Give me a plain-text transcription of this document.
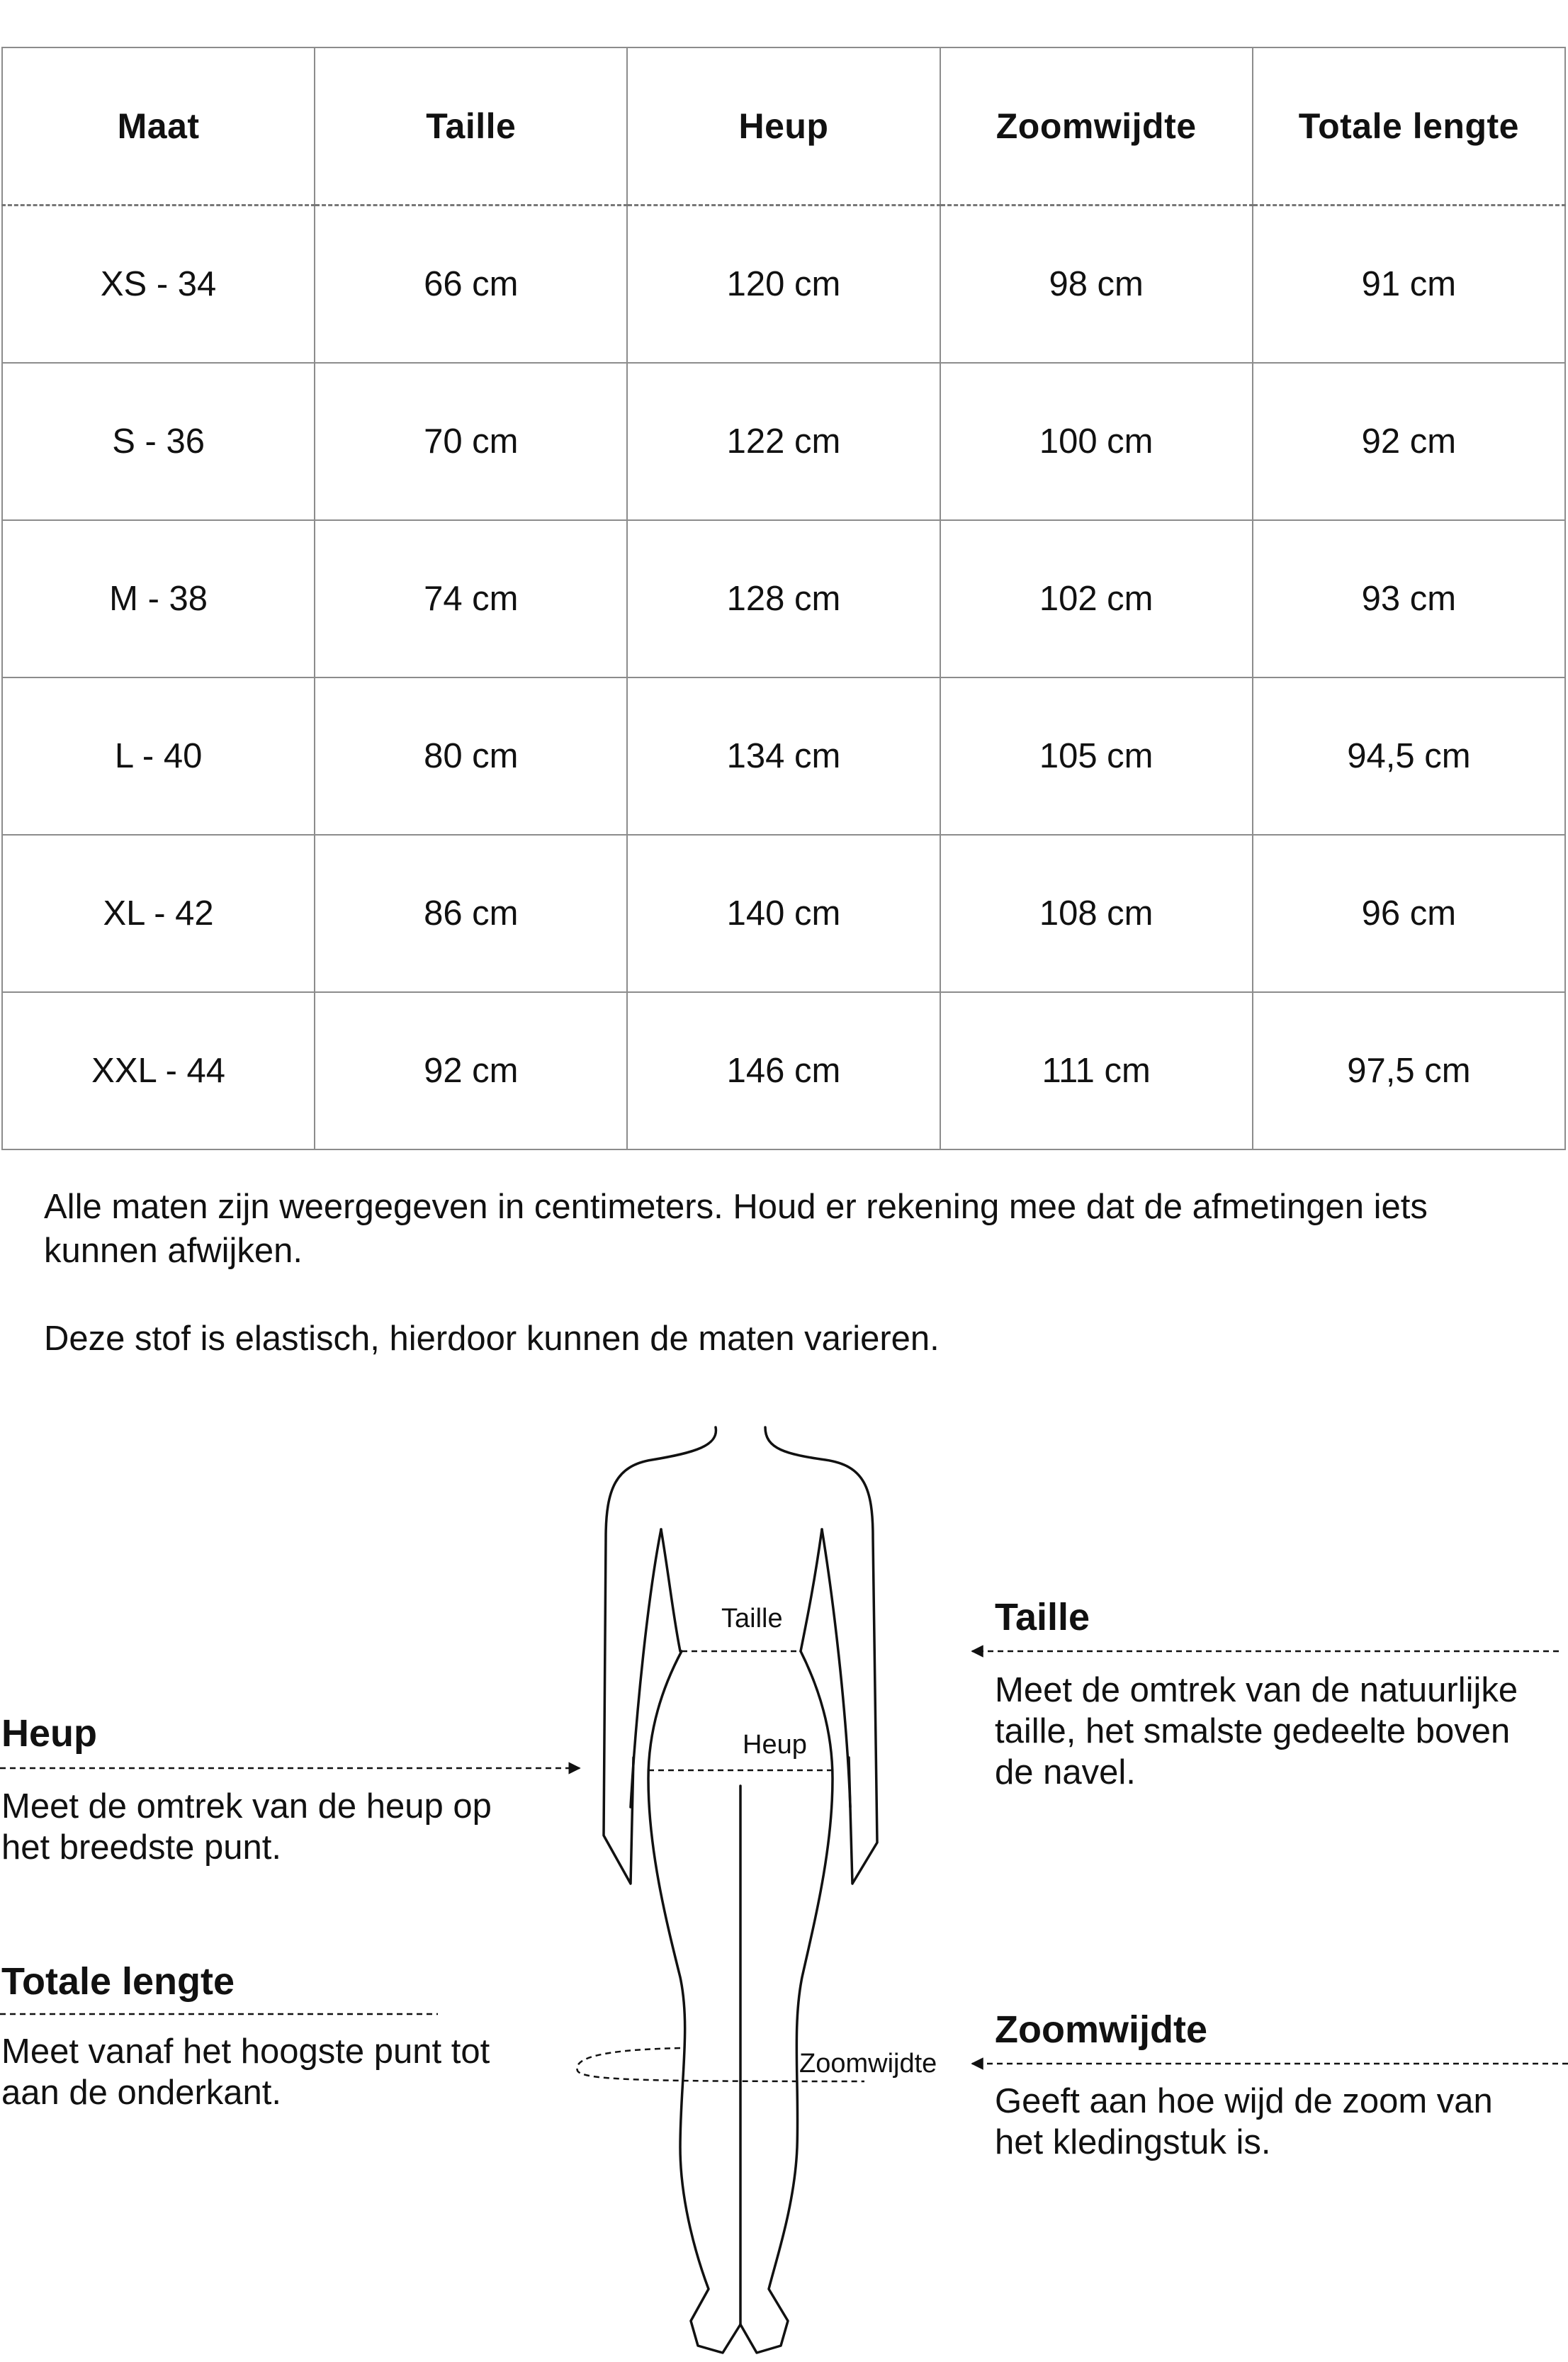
Maat	Taille	Heup	Zoomwijdte	Totale lengte
XS - 34	66 cm	120 cm	98 cm	91 cm
S - 36	70 cm	122 cm	100 cm	92 cm
M - 38	74 cm	128 cm	102 cm	93 cm
L - 40	80 cm	134 cm	105 cm	94,5 cm
XL - 42	86 cm	140 cm	108 cm	96 cm
XXL - 44	92 cm	146 cm	111 cm	97,5 cm

Alle maten zijn weergegeven in centimeters. Houd er rekening mee dat de afmetingen iets kunnen afwijken.

Deze stof is elastisch, hierdoor kunnen de maten varieren.

Taille
Heup
Zoomwijdte
Heup
Meet de omtrek van de heup op het breedste punt.
Totale lengte
Meet vanaf het hoogste punt tot aan de onderkant.
Taille
Meet de omtrek van de natuurlijke taille, het smalste gedeelte boven de navel.
Zoomwijdte
Geeft aan hoe wijd de zoom van het kledingstuk is.
